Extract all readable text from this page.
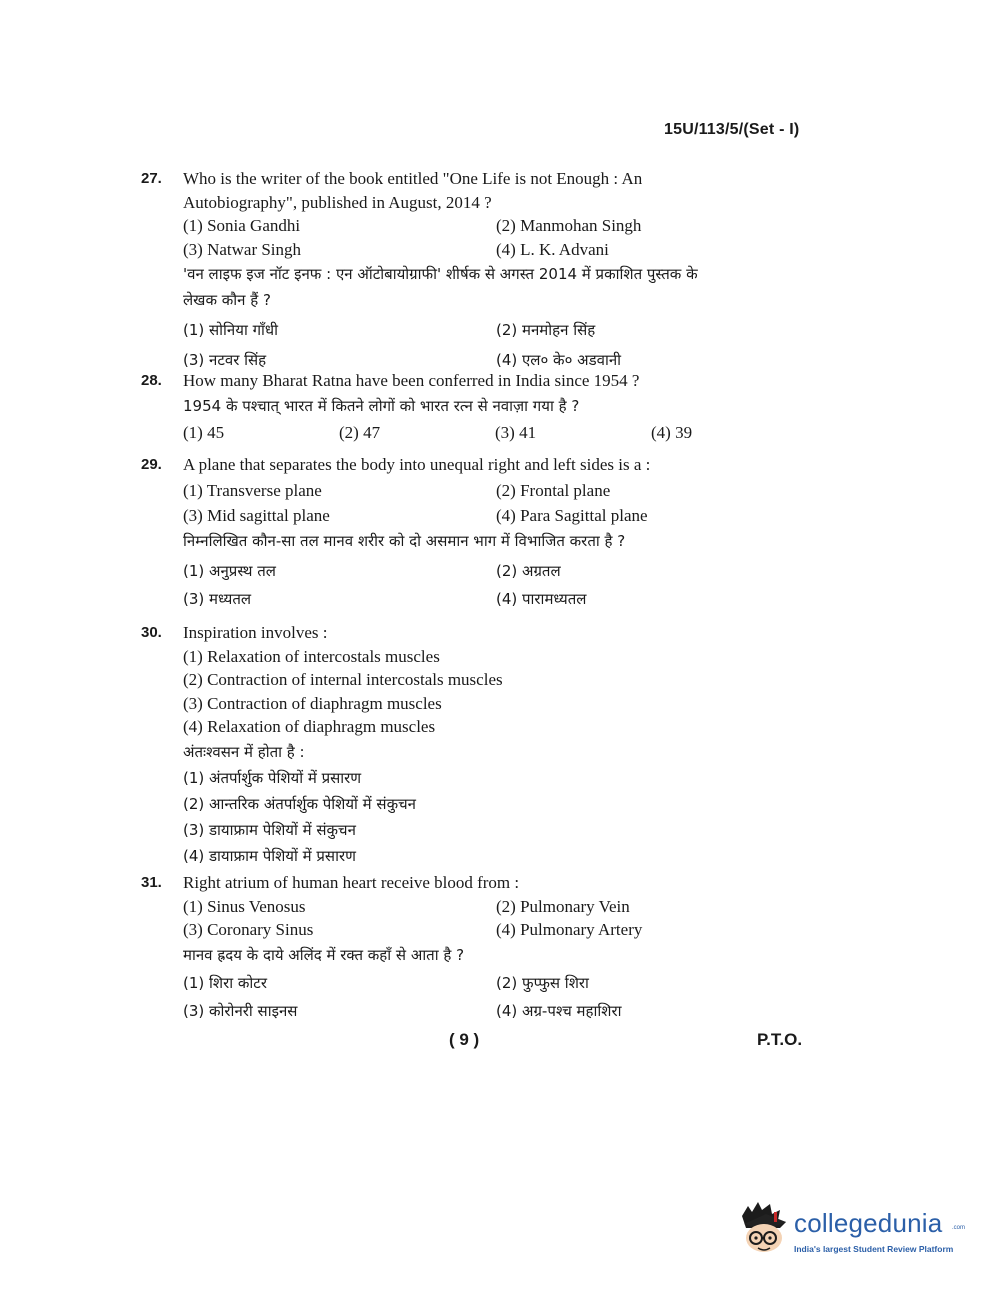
15U/113/5/(Set - I)
27.	Who is the writer of the book entitled "One Life is not Enough : An
Autobiography", published in August, 2014 ?
(1) Sonia Gandhi	(2) Manmohan Singh
(3) Natwar Singh	(4) L. K. Advani
'वन लाइफ इज नॉट इनफ : एन ऑटोबायोग्राफी' शीर्षक से अगस्त 2014 में प्रकाशित पुस्तक के
लेखक कौन हैं ?
(1) सोनिया गाँधी	(2) मनमोहन सिंह
(3) नटवर सिंह	(4) एल० के० अडवानी
28.	How many Bharat Ratna have been conferred in India since 1954 ?
1954 के पश्चात् भारत में कितने लोगों को भारत रत्न से नवाज़ा गया है ?
(1) 45	(2) 47	(3) 41	(4) 39
29.	A plane that separates the body into unequal right and left sides is a :
(1) Transverse plane	(2) Frontal plane
(3) Mid sagittal plane	(4) Para Sagittal plane
निम्नलिखित कौन-सा तल मानव शरीर को दो असमान भाग में विभाजित करता है ?
(1) अनुप्रस्थ तल	(2) अग्रतल
(3) मध्यतल	(4) पारामध्यतल
30.	Inspiration involves :
(1) Relaxation of intercostals muscles
(2) Contraction of internal intercostals muscles
(3) Contraction of diaphragm muscles
(4) Relaxation of diaphragm muscles
अंतःश्वसन में होता है :
(1) अंतर्पार्शुक पेशियों में प्रसारण
(2) आन्तरिक अंतर्पार्शुक पेशियों में संकुचन
(3) डायाफ्राम पेशियों में संकुचन
(4) डायाफ्राम पेशियों में प्रसारण
31.	Right atrium of human heart receive blood from :
(1) Sinus Venosus	(2) Pulmonary Vein
(3) Coronary Sinus	(4) Pulmonary Artery
मानव ह्रदय के दाये अलिंद में रक्त कहाँ से आता है ?
(1) शिरा कोटर	(2) फुप्फुस शिरा
(3) कोरोनरी साइनस	(4) अग्र-पश्च महाशिरा
( 9 )	P.T.O.
collegedunia .com
India's largest Student Review Platform
